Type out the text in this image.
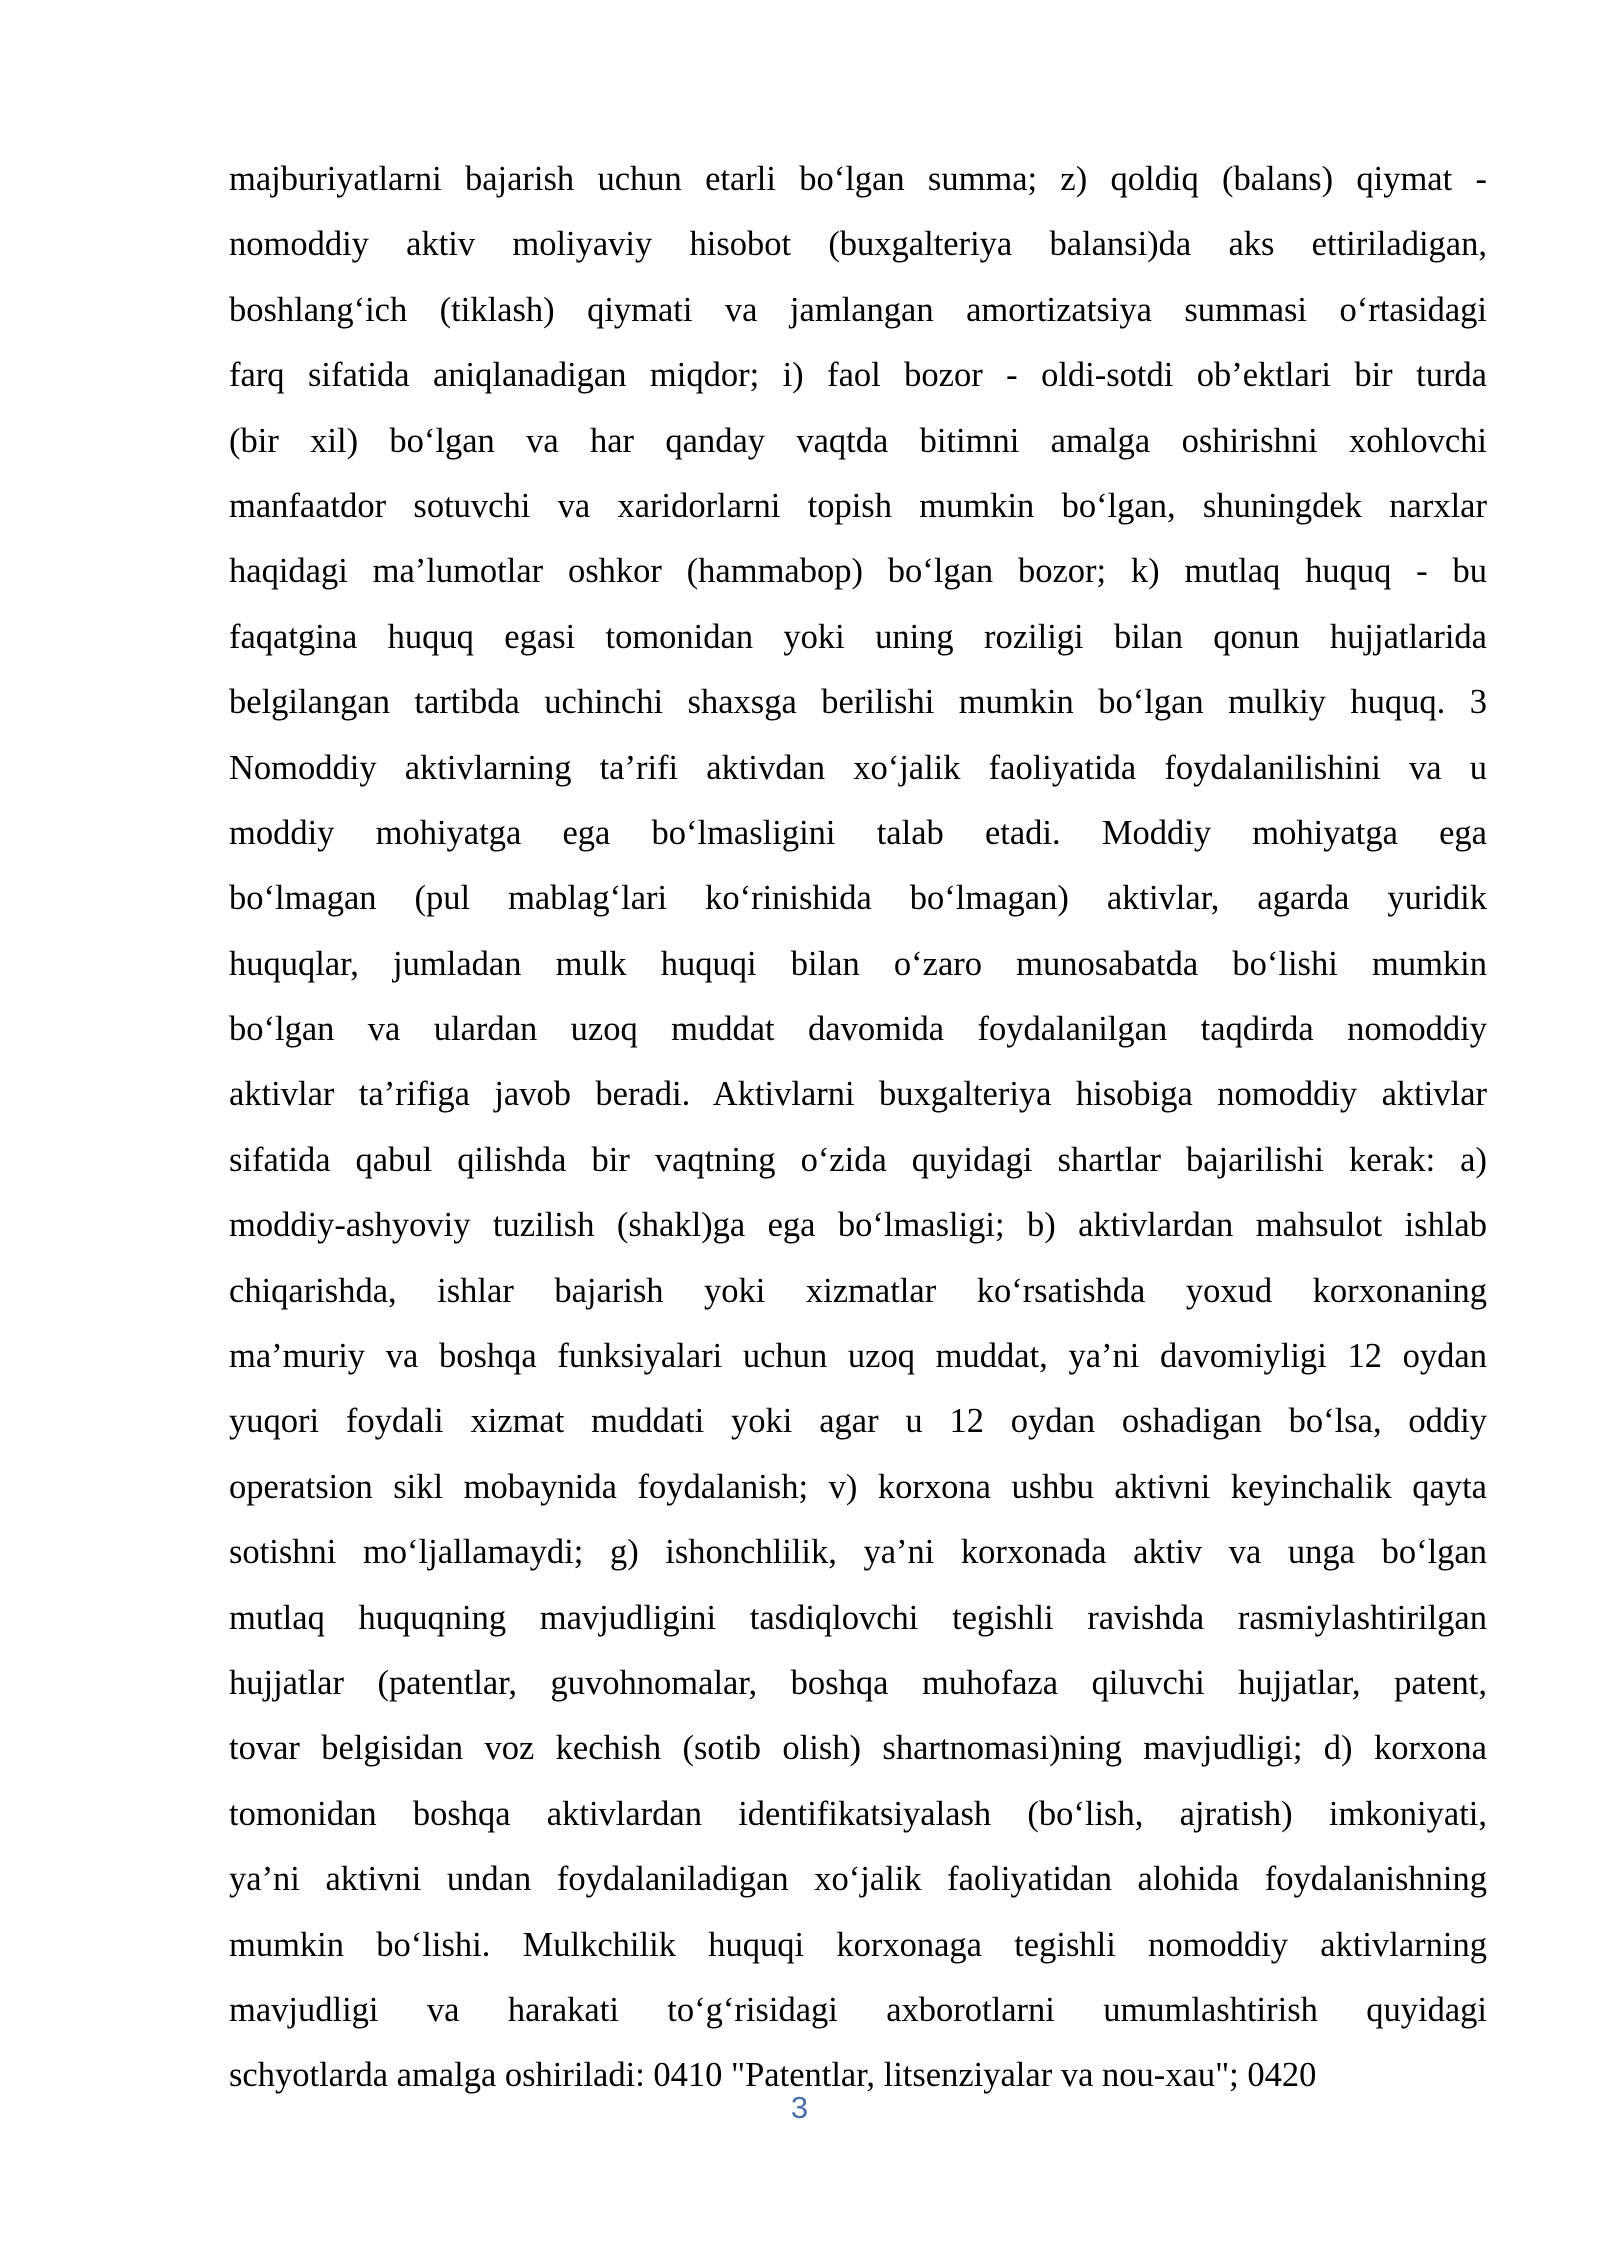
majburiyatlarni bajarish uchun etarli bo‘lgan summa; z) qoldiq (balans) qiymat -
nomoddiy aktiv moliyaviy hisobot (buxgalteriya balansi)da aks ettiriladigan,
boshlang‘ich (tiklash) qiymati va jamlangan amortizatsiya summasi o‘rtasidagi
farq sifatida aniqlanadigan miqdor; i) faol bozor - oldi-sotdi ob’ektlari bir turda
(bir xil) bo‘lgan va har qanday vaqtda bitimni amalga oshirishni xohlovchi
manfaatdor sotuvchi va xaridorlarni topish mumkin bo‘lgan, shuningdek narxlar
haqidagi ma’lumotlar oshkor (hammabop) bo‘lgan bozor; k) mutlaq huquq - bu
faqatgina huquq egasi tomonidan yoki uning roziligi bilan qonun hujjatlarida
belgilangan tartibda uchinchi shaxsga berilishi mumkin bo‘lgan mulkiy huquq. 3
Nomoddiy aktivlarning ta’rifi aktivdan xo‘jalik faoliyatida foydalanilishini va u
moddiy mohiyatga ega bo‘lmasligini talab etadi. Moddiy mohiyatga ega
bo‘lmagan (pul mablag‘lari ko‘rinishida bo‘lmagan) aktivlar, agarda yuridik
huquqlar, jumladan mulk huquqi bilan o‘zaro munosabatda bo‘lishi mumkin
bo‘lgan va ulardan uzoq muddat davomida foydalanilgan taqdirda nomoddiy
aktivlar ta’rifiga javob beradi. Aktivlarni buxgalteriya hisobiga nomoddiy aktivlar
sifatida qabul qilishda bir vaqtning o‘zida quyidagi shartlar bajarilishi kerak: a)
moddiy-ashyoviy tuzilish (shakl)ga ega bo‘lmasligi; b) aktivlardan mahsulot ishlab
chiqarishda, ishlar bajarish yoki xizmatlar ko‘rsatishda yoxud korxonaning
ma’muriy va boshqa funksiyalari uchun uzoq muddat, ya’ni davomiyligi 12 oydan
yuqori foydali xizmat muddati yoki agar u 12 oydan oshadigan bo‘lsa, oddiy
operatsion sikl mobaynida foydalanish; v) korxona ushbu aktivni keyinchalik qayta
sotishni mo‘ljallamaydi; g) ishonchlilik, ya’ni korxonada aktiv va unga bo‘lgan
mutlaq huquqning mavjudligini tasdiqlovchi tegishli ravishda rasmiylashtirilgan
hujjatlar (patentlar, guvohnomalar, boshqa muhofaza qiluvchi hujjatlar, patent,
tovar belgisidan voz kechish (sotib olish) shartnomasi)ning mavjudligi; d) korxona
tomonidan boshqa aktivlardan identifikatsiyalash (bo‘lish, ajratish) imkoniyati,
ya’ni aktivni undan foydalaniladigan xo‘jalik faoliyatidan alohida foydalanishning
mumkin bo‘lishi. Mulkchilik huquqi korxonaga tegishli nomoddiy aktivlarning
mavjudligi va harakati to‘g‘risidagi axborotlarni umumlashtirish quyidagi
schyotlarda amalga oshiriladi: 0410 "Patentlar, litsenziyalar va nou-xau"; 0420
3
